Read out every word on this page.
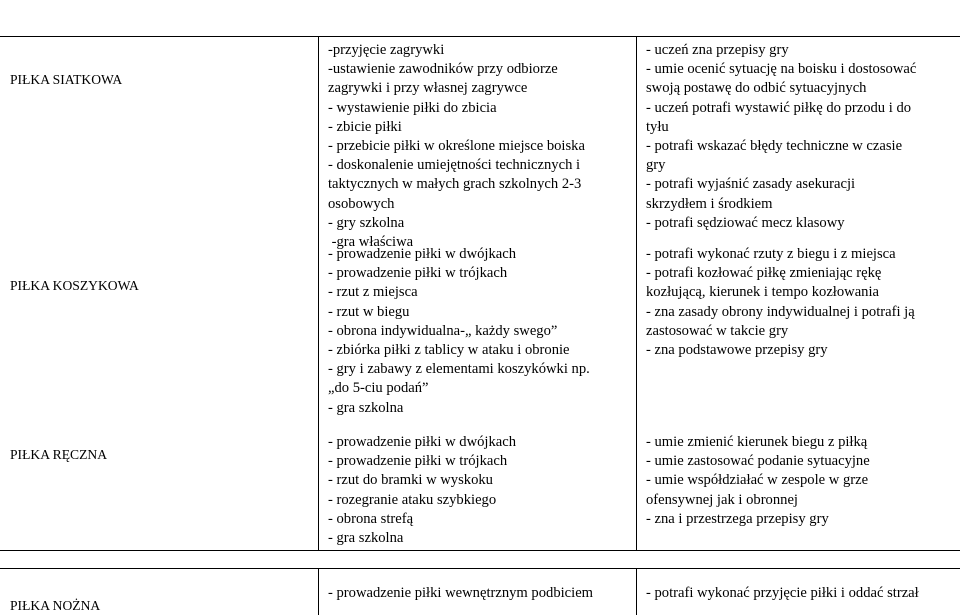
PIŁKA SIATKOWA
-przyjęcie zagrywki
-ustawienie zawodników przy odbiorze
zagrywki i przy własnej zagrywce
- wystawienie piłki do zbicia
- zbicie piłki
- przebicie piłki w określone miejsce boiska
- doskonalenie umiejętności technicznych i
taktycznych w małych grach szkolnych 2-3
osobowych
- gry szkolna
-gra właściwa
- uczeń zna przepisy gry
- umie ocenić sytuację na boisku i dostosować
swoją postawę do odbić sytuacyjnych
- uczeń potrafi wystawić piłkę do przodu i do
tyłu
- potrafi wskazać błędy techniczne w czasie
gry
- potrafi wyjaśnić zasady asekuracji
skrzydłem i środkiem
- potrafi sędziować mecz klasowy
PIŁKA KOSZYKOWA
- prowadzenie piłki w dwójkach
- prowadzenie piłki w trójkach
- rzut z miejsca
- rzut w biegu
- obrona indywidualna-„ każdy swego”
- zbiórka piłki z tablicy w ataku i obronie
- gry i zabawy z elementami koszykówki np.
„do 5-ciu podań”
- gra szkolna
- potrafi wykonać rzuty z biegu i z miejsca
- potrafi kozłować piłkę zmieniając rękę
kozłującą, kierunek i tempo kozłowania
- zna zasady obrony indywidualnej i potrafi ją
zastosować w takcie gry
- zna podstawowe przepisy gry
PIŁKA RĘCZNA
- prowadzenie piłki w dwójkach
- prowadzenie piłki w trójkach
- rzut do bramki w wyskoku
- rozegranie ataku szybkiego
- obrona strefą
- gra szkolna
- umie zmienić kierunek biegu z piłką
- umie zastosować podanie sytuacyjne
- umie współdziałać w zespole w grze
ofensywnej jak i obronnej
- zna i przestrzega przepisy gry
PIŁKA NOŻNA
- prowadzenie piłki wewnętrznym podbiciem	- potrafi wykonać przyjęcie piłki i oddać strzał
